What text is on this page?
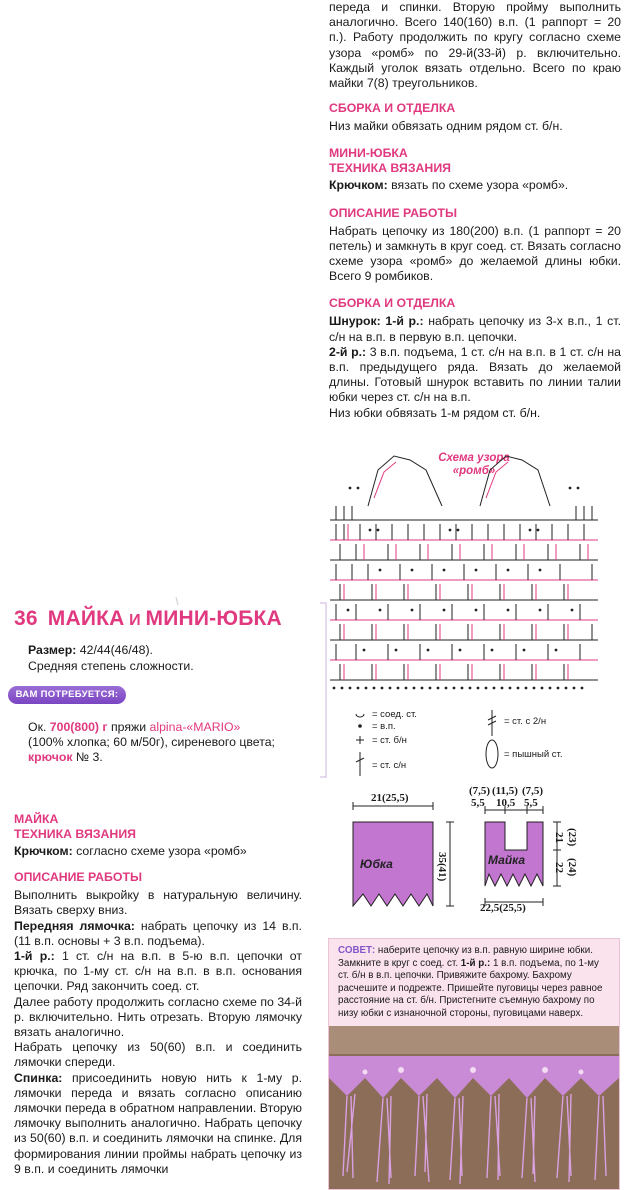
переда и спинки. Вторую пройму выполнить аналогично. Всего 140(160) в.п. (1 раппорт = 20 п.). Работу продолжить по кругу согласно схеме узора «ромб» по 29-й(33-й) р. включительно. Каждый уголок вязать отдельно. Всего по краю майки 7(8) треугольников.

СБОРКА И ОТДЕЛКА

Низ майки обвязать одним рядом ст. б/н.

МИНИ-ЮБКА

ТЕХНИКА ВЯЗАНИЯ

Крючком: вязать по схеме узора «ромб».

ОПИСАНИЕ РАБОТЫ

Набрать цепочку из 180(200) в.п. (1 раппорт = 20 петель) и замкнуть в круг соед. ст. Вязать согласно схеме узора «ромб» до желаемой длины юбки. Всего 9 ромбиков.

СБОРКА И ОТДЕЛКА

Шнурок: 1-й р.: набрать цепочку из 3-х в.п., 1 ст. с/н на в.п. в первую в.п. цепочки.

2-й р.: 3 в.п. подъема, 1 ст. с/н на в.п. в 1 ст. с/н на в.п. предыдущего ряда. Вязать до желаемой длины. Готовый шнурок вставить по линии талии юбки через ст. с/н на в.п.

Низ юбки обвязать 1-м рядом ст. б/н.

Схема узора
«ромб»
= соед. ст.
= в.п.
= ст. б/н
= ст. с/н
= ст. с 2/н
= пышный ст.
21(25,5)
35(41)
Юбка	Майка
(7,5) (11,5) (7,5)
5,5 10,5 5,5
21 (23)
22 (24)
22,5(25,5)
36 МАЙКА И МИНИ-ЮБКА

Размер: 42/44(46/48).

Средняя степень сложности.

ВАМ ПОТРЕБУЕТСЯ:

Ок. 700(800) г пряжи alpina-«MARIO»

(100% хлопка; 60 м/50г), сиреневого цвета;

крючок № 3.

МАЙКА

ТЕХНИКА ВЯЗАНИЯ

Крючком: согласно схеме узора «ромб»

ОПИСАНИЕ РАБОТЫ

Выполнить выкройку в натуральную величину. Вязать сверху вниз.

Передняя лямочка: набрать цепочку из 14 в.п. (11 в.п. основы + 3 в.п. подъема).

1-й р.: 1 ст. с/н на в.п. в 5-ю в.п. цепочки от крючка, по 1-му ст. с/н на в.п. в в.п. основания цепочки. Ряд закончить соед. ст.

Далее работу продолжить согласно схеме по 34-й р. включительно. Нить отрезать. Вторую лямочку вязать аналогично.

Набрать цепочку из 50(60) в.п. и соединить лямочки спереди.

Спинка: присоединить новую нить к 1-му р. лямочки переда и вязать согласно описанию лямочки переда в обратном направлении. Вторую лямочку выполнить аналогично. Набрать цепочку из 50(60) в.п. и соединить лямочки на спинке. Для формирования линии проймы набрать цепочку из 9 в.п. и соединить лямочки

СОВЕТ: наберите цепочку из в.п. равную ширине юбки. Замкните в круг с соед. ст. 1-й р.: 1 в.п. подъема, по 1-му ст. б/н в в.п. цепочки. Привяжите бахрому. Бахрому расчешите и подрежте. Пришейте пуговицы через равное расстояние на ст. б/н. Пристегните съемную бахрому по низу юбки с изнаночной стороны, пуговицами наверх.
